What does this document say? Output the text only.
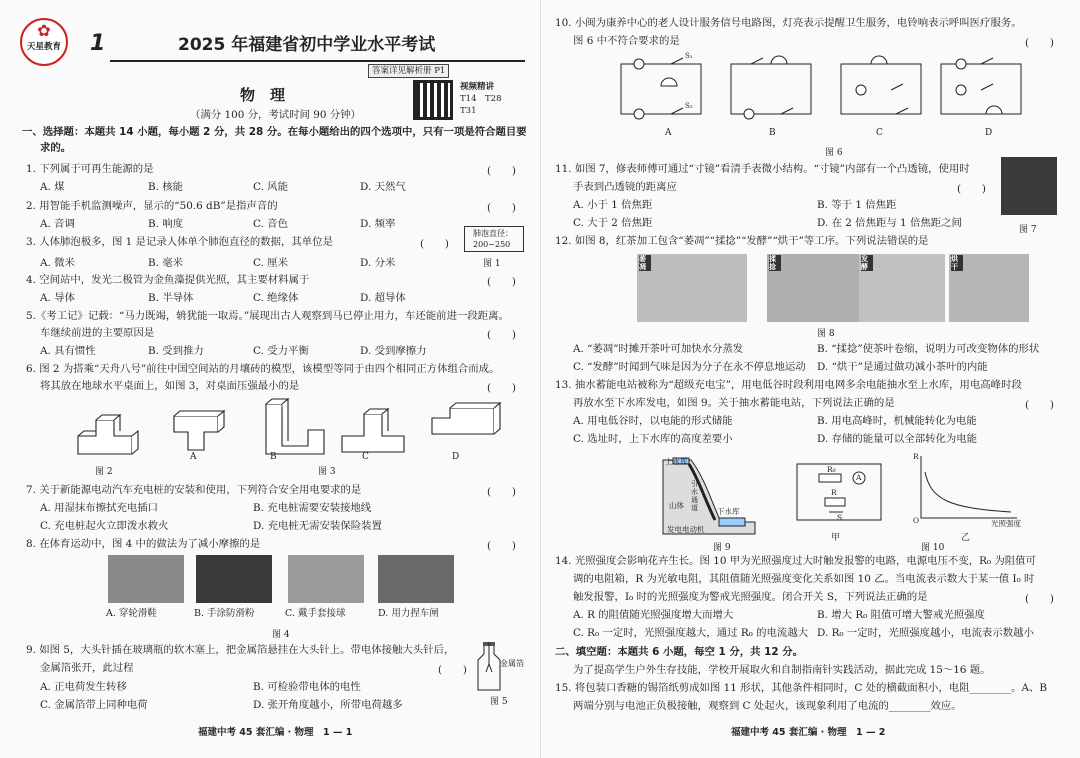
✿
天星教育 1	2025 年福建省初中学业水平考试
答案详见解析册 P1
物　理
（满分 100 分，考试时间 90 分钟）
视频精讲
T14　T28
T31
一、选择题：本题共 14 小题，每小题 2 分，共 28 分。在每小题给出的四个选项中，只有一项是符合题目要
求的。
1. 下列属于可再生能源的是	(　　)
A. 煤	B. 核能	C. 风能	D. 天然气
2. 用智能手机监测噪声，显示的“50.6 dB”是指声音的	(　　)
A. 音调	B. 响度	C. 音色	D. 频率
3. 人体肺泡极多，图 1 是记录人体单个肺泡直径的数据，其单位是	(　　)
肺泡直径：
200~250
图 1
A. 微米	B. 毫米	C. 厘米	D. 分米
4. 空间站中，发光二极管为金鱼藻提供光照，其主要材料属于	(　　)
A. 导体	B. 半导体	C. 绝缘体	D. 超导体
5.《考工记》记载：“马力既竭，辀犹能一取焉。”展现出古人观察到马已停止用力，车还能前进一段距离。
车继续前进的主要原因是	(　　)
A. 具有惯性	B. 受到推力	C. 受力平衡	D. 受到摩擦力
6. 图 2 为搭乘“天舟八号”前往中国空间站的月壤砖的模型，该模型等同于由四个相同正方体组合而成。
将其放在地球水平桌面上，如图 3，对桌面压强最小的是	(　　)
图 2
A	B	C	D
图 3
7. 关于新能源电动汽车充电桩的安装和使用，下列符合安全用电要求的是	(　　)
A. 用湿抹布擦拭充电插口	B. 充电桩需要安装接地线
C. 充电桩起火立即泼水救火	D. 充电桩无需安装保险装置
8. 在体育运动中，图 4 中的做法为了减小摩擦的是	(　　)
A. 穿轮滑鞋	B. 手涂防滑粉	C. 戴手套接球	D. 用力捏车闸
图 4
9. 如图 5，大头针插在玻璃瓶的软木塞上，把金属箔悬挂在大头针上。带电体接触大头针后，
金属箔张开，此过程	(　　)
金属箔
图 5
A. 正电荷发生转移	B. 可检验带电体的电性
C. 金属箔带上同种电荷	D. 张开角度越小，所带电荷越多
福建中考 45 套汇编 · 物理　1 — 1
10. 小闽为康养中心的老人设计服务信号电路图，灯亮表示提醒卫生服务，电铃响表示呼叫医疗服务。
图 6 中不符合要求的是	(　　)
A	B	C	D
S₁
S₂
图 6
11. 如图 7，修表师傅可通过“寸镜”看清手表微小结构。“寸镜”内部有一个凸透镜，使用时
手表到凸透镜的距离应	(　　)
图 7
A. 小于 1 倍焦距	B. 等于 1 倍焦距
C. 大于 2 倍焦距	D. 在 2 倍焦距与 1 倍焦距之间
12. 如图 8，红茶加工包含“萎凋”“揉捻”“发酵”“烘干”等工序。下列说法错误的是
萎凋
揉捻
发酵
烘干
图 8
A. “萎凋”时摊开茶叶可加快水分蒸发	B. “揉捻”使茶叶卷缩，说明力可改变物体的形状
C. “发酵”时闻到气味是因为分子在永不停息地运动 D. “烘干”是通过做功减小茶叶的内能
13. 抽水蓄能电站被称为“超级充电宝”，用电低谷时段利用电网多余电能抽水至上水库，用电高峰时段
再放水至下水库发电，如图 9。关于抽水蓄能电站，下列说法正确的是	(　　)
A. 用电低谷时，以电能的形式储能	B. 用电高峰时，机械能转化为电能
C. 选址时，上下水库的高度差要小	D. 存储的能量可以全部转化为电能
上水库
山体
引水通道	下水库
发电电动机
图 9
R₀
R
A
S
甲
R
O	光照强度
乙
图 10
14. 光照强度会影响花卉生长。图 10 甲为光照强度过大时触发报警的电路，电源电压不变，R₀ 为阻值可
调的电阻箱，R 为光敏电阻，其阻值随光照强度变化关系如图 10 乙。当电流表示数大于某一值 I₀ 时
触发报警，I₀ 时的光照强度为警戒光照强度。闭合开关 S，下列说法正确的是	(　　)
A. R 的阻值随光照强度增大而增大	B. 增大 R₀ 阻值可增大警戒光照强度
C. R₀ 一定时，光照强度越大，通过 R₀ 的电流越大 D. R₀ 一定时，光照强度越小，电流表示数越小
二、填空题：本题共 6 小题，每空 1 分，共 12 分。
为了提高学生户外生存技能，学校开展取火和自制指南针实践活动，据此完成 15～16 题。
15. 将包装口香糖的锡箔纸剪成如图 11 形状，其他条件相同时，C 处的横截面积小，电阻________。A、B
两端分别与电池正负极接触，观察到 C 处起火，该现象利用了电流的________效应。
福建中考 45 套汇编 · 物理　1 — 2
